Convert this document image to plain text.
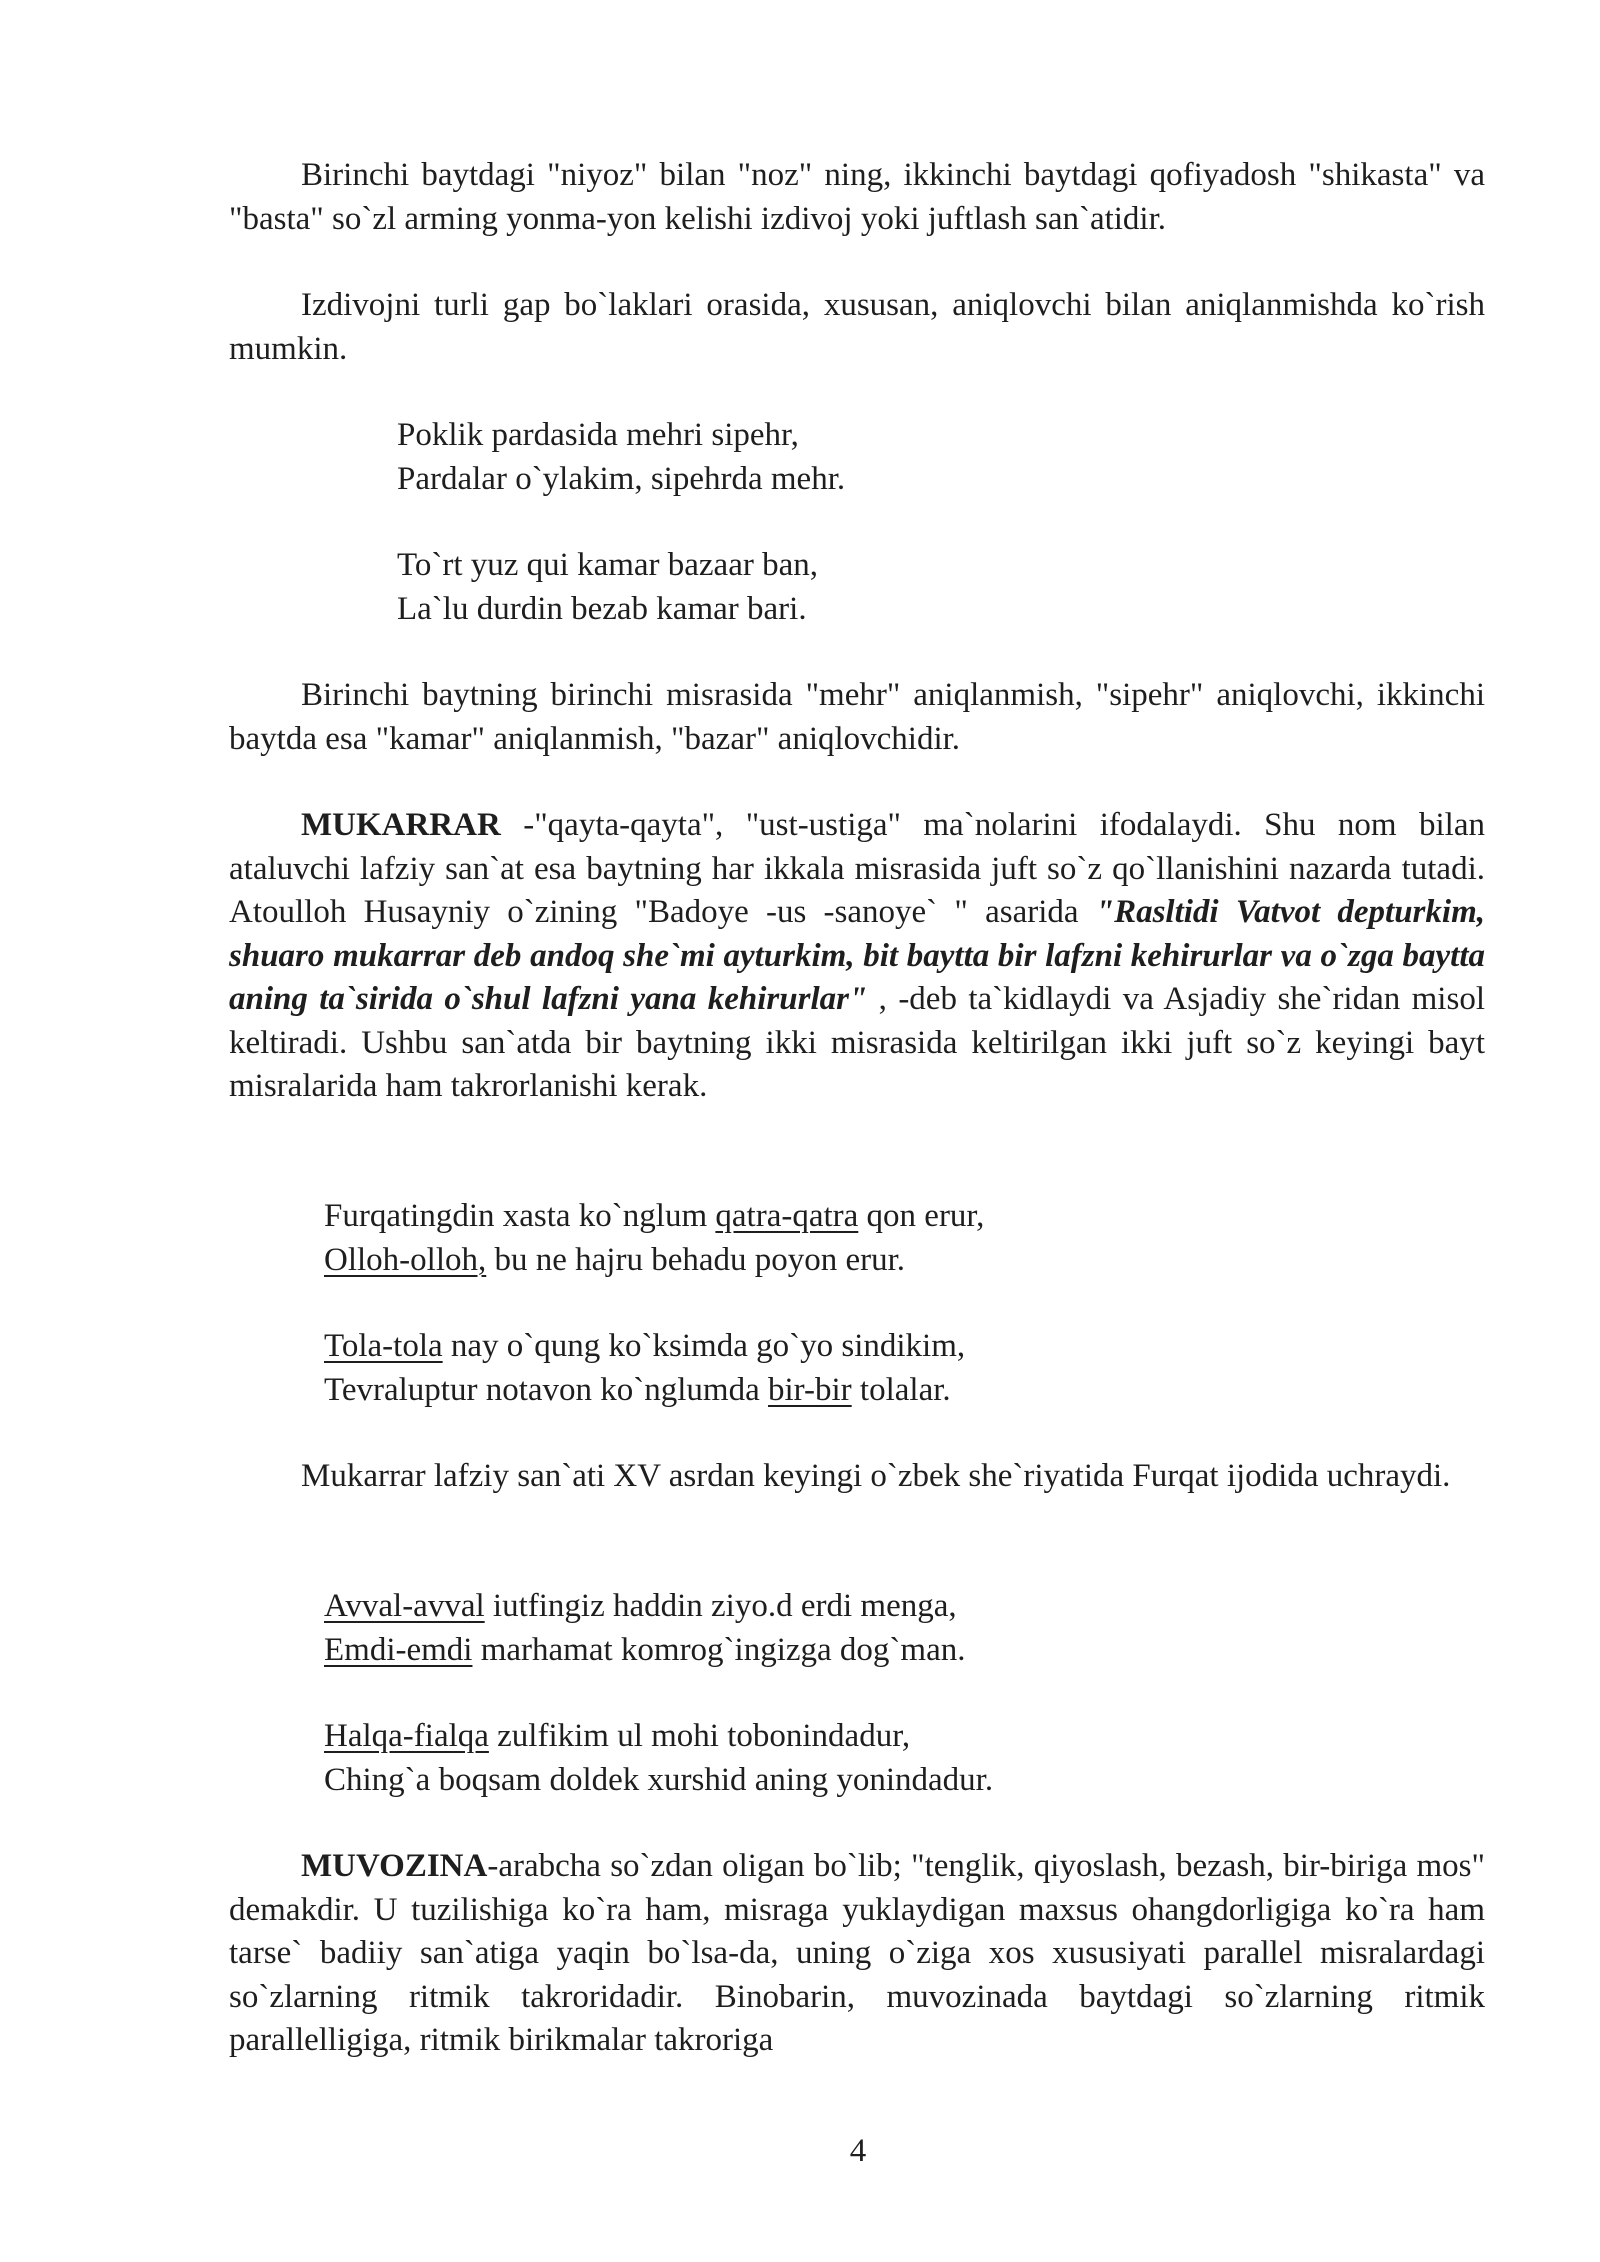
Birinchi baytdagi "niyoz" bilan "noz" ning, ikkinchi baytdagi qofiyadosh "shikasta" va "basta" so`zl arming yonma-yon kelishi izdivoj yoki juftlash san`atidir.

Izdivojni turli gap bo`laklari orasida, xususan, aniqlovchi bilan aniqlanmishda ko`rish mumkin.

Poklik pardasida mehri sipehr,
Pardalar o`ylakim, sipehrda mehr.
To`rt yuz qui kamar bazaar ban,
La`lu durdin bezab kamar bari.

Birinchi baytning birinchi misrasida "mehr" aniqlanmish, "sipehr" aniqlovchi, ikkinchi baytda esa "kamar" aniqlanmish, "bazar" aniqlovchidir.

MUKARRAR -"qayta-qayta", "ust-ustiga" ma`nolarini ifodalaydi. Shu nom bilan ataluvchi lafziy san`at esa baytning har ikkala misrasida juft so`z qo`llanishini nazarda tutadi. Atoulloh Husayniy o`zining "Badoye -us -sanoye` " asarida "Rasltidi Vatvot depturkim, shuaro mukarrar deb andoq she`mi ayturkim, bit baytta bir lafzni kehirurlar va o`zga baytta aning ta`sirida o`shul lafzni yana kehirurlar" , -deb ta`kidlaydi va Asjadiy she`ridan misol keltiradi. Ushbu san`atda bir baytning ikki misrasida keltirilgan ikki juft so`z keyingi bayt misralarida ham takrorlanishi kerak.

Furqatingdin xasta ko`nglum qatra-qatra qon erur,
Olloh-olloh, bu ne hajru behadu poyon erur.
Tola-tola nay o`qung ko`ksimda go`yo sindikim,
Tevraluptur notavon ko`nglumda bir-bir tolalar.

Mukarrar lafziy san`ati XV asrdan keyingi o`zbek she`riyatida Furqat ijodida uchraydi.

Avval-avval iutfingiz haddin ziyo.d erdi menga,
Emdi-emdi marhamat komrog`ingizga dog`man.
Halqa-fialqa zulfikim ul mohi tobonindadur,
Ching`a boqsam doldek xurshid aning yonindadur.

MUVOZINA-arabcha so`zdan oligan bo`lib; "tenglik, qiyoslash, bezash, bir-biriga mos" demakdir. U tuzilishiga ko`ra ham, misraga yuklaydigan maxsus ohangdorligiga ko`ra ham tarse` badiiy san`atiga yaqin bo`lsa-da, uning o`ziga xos xususiyati parallel misralardagi so`zlarning ritmik takroridadir. Binobarin, muvozinada baytdagi so`zlarning ritmik parallelligiga, ritmik birikmalar takroriga

4
